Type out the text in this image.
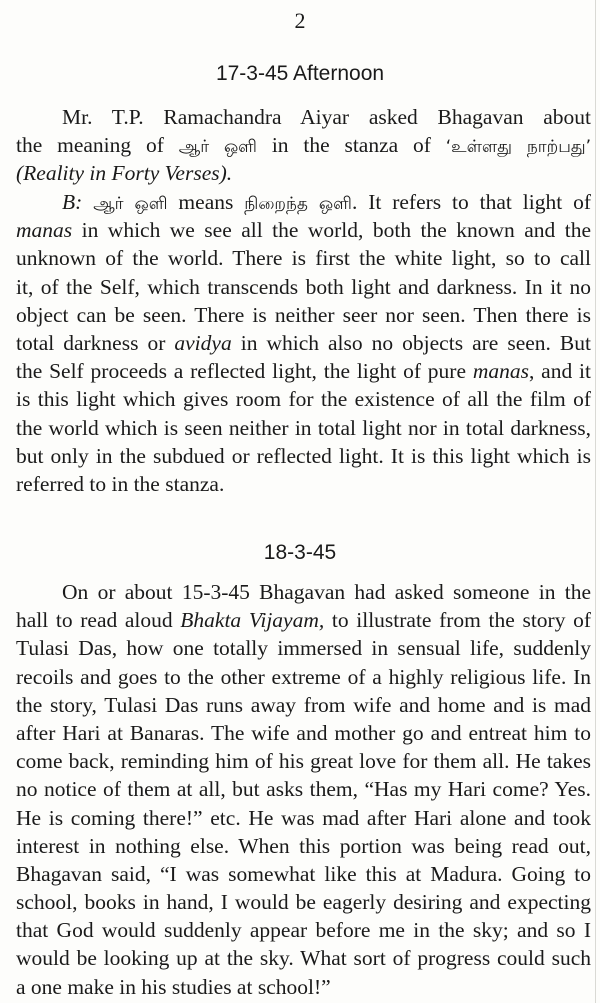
2
17-3-45 Afternoon
Mr. T.P. Ramachandra Aiyar asked Bhagavan about
the meaning of ஆர் ஒளி in the stanza of ‘உள்ளது நாற்பது’
(Reality in Forty Verses).
B: ஆர் ஒளி means நிறைந்த ஒளி. It refers to that light of
manas in which we see all the world, both the known and the
unknown of the world. There is first the white light, so to call
it, of the Self, which transcends both light and darkness. In it no
object can be seen. There is neither seer nor seen. Then there is
total darkness or avidya in which also no objects are seen. But
the Self proceeds a reflected light, the light of pure manas, and it
is this light which gives room for the existence of all the film of
the world which is seen neither in total light nor in total darkness,
but only in the subdued or reflected light. It is this light which is
referred to in the stanza.
18-3-45
On or about 15-3-45 Bhagavan had asked someone in the
hall to read aloud Bhakta Vijayam, to illustrate from the story of
Tulasi Das, how one totally immersed in sensual life, suddenly
recoils and goes to the other extreme of a highly religious life. In
the story, Tulasi Das runs away from wife and home and is mad
after Hari at Banaras. The wife and mother go and entreat him to
come back, reminding him of his great love for them all. He takes
no notice of them at all, but asks them, “Has my Hari come? Yes.
He is coming there!” etc. He was mad after Hari alone and took
interest in nothing else. When this portion was being read out,
Bhagavan said, “I was somewhat like this at Madura. Going to
school, books in hand, I would be eagerly desiring and expecting
that God would suddenly appear before me in the sky; and so I
would be looking up at the sky. What sort of progress could such
a one make in his studies at school!”
